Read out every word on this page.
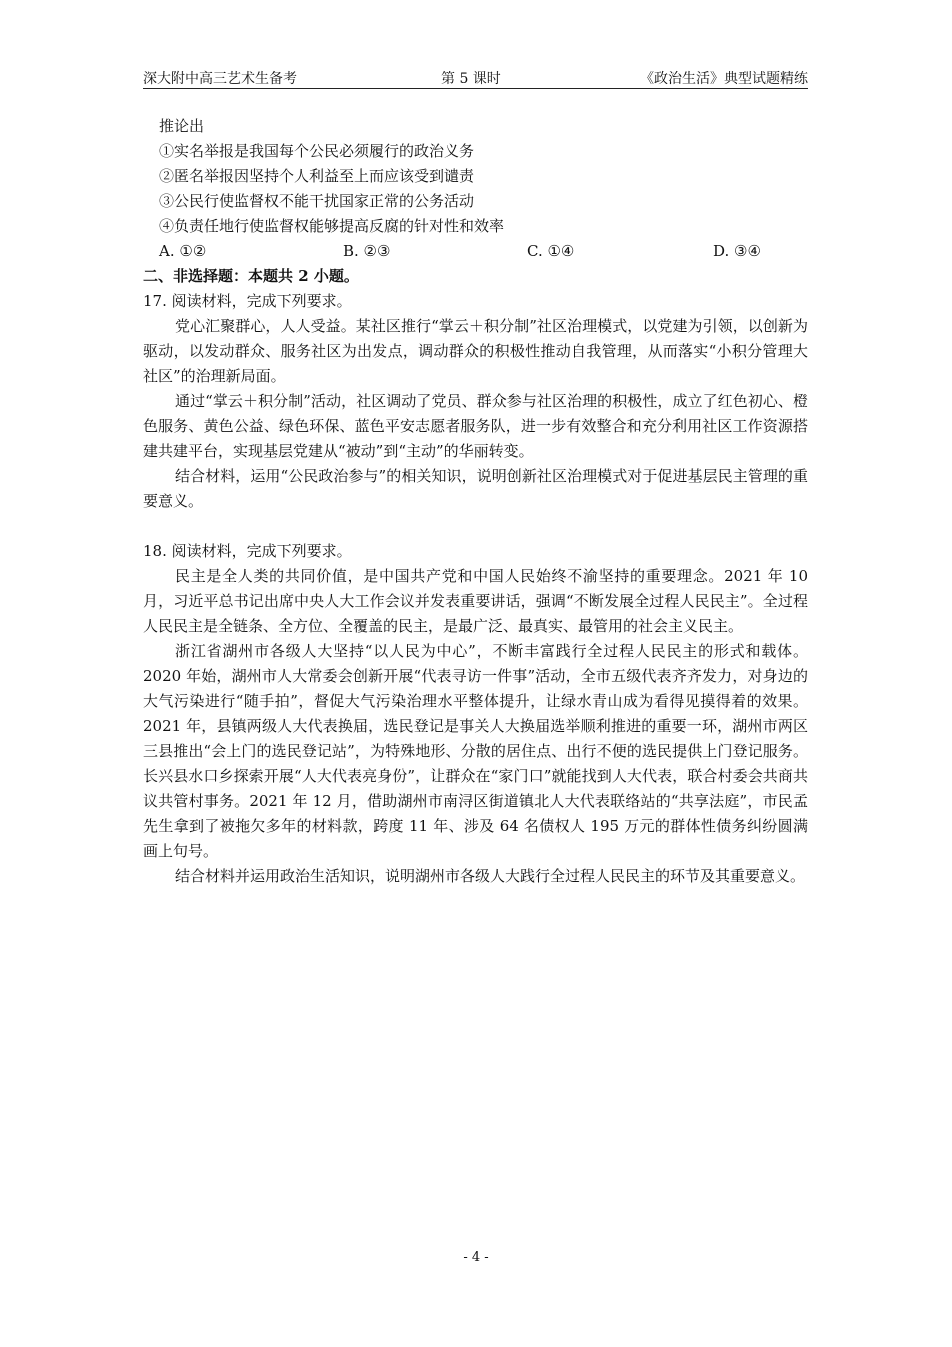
深大附中高三艺术生备考	第 5 课时	《政治生活》典型试题精练
推论出
①实名举报是我国每个公民必须履行的政治义务
②匿名举报因坚持个人利益至上而应该受到谴责
③公民行使监督权不能干扰国家正常的公务活动
④负责任地行使监督权能够提高反腐的针对性和效率
A. ①②	B. ②③	C. ①④	D. ③④
二、非选择题：本题共 2 小题。
17. 阅读材料，完成下列要求。

党心汇聚群心，人人受益。某社区推行“掌云＋积分制”社区治理模式，以党建为引领，以创新为驱动，以发动群众、服务社区为出发点，调动群众的积极性推动自我管理，从而落实“小积分管理大社区”的治理新局面。

通过“掌云＋积分制”活动，社区调动了党员、群众参与社区治理的积极性，成立了红色初心、橙色服务、黄色公益、绿色环保、蓝色平安志愿者服务队，进一步有效整合和充分利用社区工作资源搭建共建平台，实现基层党建从“被动”到“主动”的华丽转变。

结合材料，运用“公民政治参与”的相关知识，说明创新社区治理模式对于促进基层民主管理的重要意义。

18. 阅读材料，完成下列要求。

民主是全人类的共同价值，是中国共产党和中国人民始终不渝坚持的重要理念。2021 年 10 月，习近平总书记出席中央人大工作会议并发表重要讲话，强调“不断发展全过程人民民主”。全过程人民民主是全链条、全方位、全覆盖的民主，是最广泛、最真实、最管用的社会主义民主。

浙江省湖州市各级人大坚持“以人民为中心”，不断丰富践行全过程人民民主的形式和载体。2020 年始，湖州市人大常委会创新开展“代表寻访一件事”活动，全市五级代表齐齐发力，对身边的大气污染进行“随手拍”，督促大气污染治理水平整体提升，让绿水青山成为看得见摸得着的效果。2021 年，县镇两级人大代表换届，选民登记是事关人大换届选举顺利推进的重要一环，湖州市两区三县推出“会上门的选民登记站”，为特殊地形、分散的居住点、出行不便的选民提供上门登记服务。长兴县水口乡探索开展“人大代表亮身份”，让群众在“家门口”就能找到人大代表，联合村委会共商共议共管村事务。2021 年 12 月，借助湖州市南浔区街道镇北人大代表联络站的“共享法庭”，市民孟先生拿到了被拖欠多年的材料款，跨度 11 年、涉及 64 名债权人 195 万元的群体性债务纠纷圆满画上句号。

结合材料并运用政治生活知识，说明湖州市各级人大践行全过程人民民主的环节及其重要意义。

- 4 -
